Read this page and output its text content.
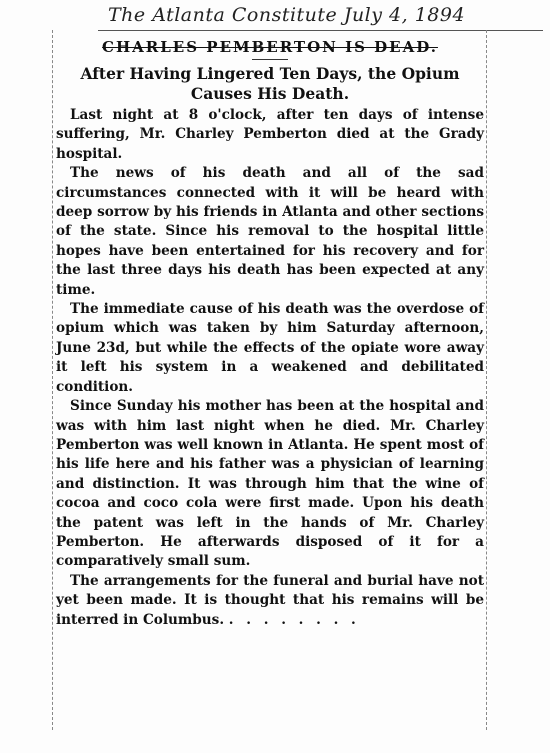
The Atlanta Constitute July 4, 1894
CHARLES PEMBERTON IS DEAD.
After Having Lingered Ten Days, the Opium Causes His Death.

Last night at 8 o'clock, after ten days of intense suffering, Mr. Charley Pemberton died at the Grady hospital.

The news of his death and all of the sad circumstances connected with it will be heard with deep sorrow by his friends in Atlanta and other sections of the state. Since his removal to the hospital little hopes have been entertained for his recovery and for the last three days his death has been expected at any time.

The immediate cause of his death was the overdose of opium which was taken by him Saturday afternoon, June 23d, but while the effects of the opiate wore away it left his system in a weakened and debilitated condition.

Since Sunday his mother has been at the hospital and was with him last night when he died. Mr. Charley Pemberton was well known in Atlanta. He spent most of his life here and his father was a physician of learning and distinction. It was through him that the wine of cocoa and coco cola were first made. Upon his death the patent was left in the hands of Mr. Charley Pemberton. He afterwards disposed of it for a comparatively small sum.

The arrangements for the funeral and burial have not yet been made. It is thought that his remains will be interred in Columbus. . . . . . . . .
